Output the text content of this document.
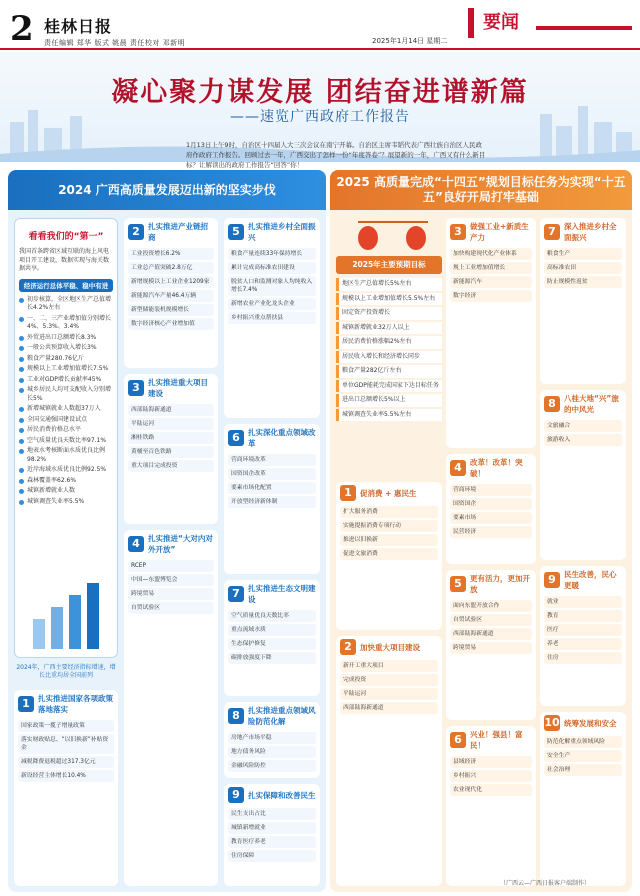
2 桂林日报
责任编辑 郑华 版式 姚晨 责任校对 邓新明	2025年1月14日 星期二
要闻
凝心聚力谋发展 团结奋进谱新篇
——速览广西政府工作报告
1月13日上午9时，自治区十四届人大三次会议在南宁开幕。自治区主席韦韬代表广西壮族自治区人民政府作政府工作报告。回顾过去一年，广西交出了怎样一份“年度答卷”？展望新的一年，广西又有什么新目标？让解读出的政府工作报告“回答”你！
2024 广西高质量发展迈出新的坚实步伐
看看我们的“第一”
我国首条跨省区域互联的海上风电项目开工建设，数据实现与海关数据共享。
经济运行总体平稳、稳中有进
初步核算，全区地区生产总值增长4.2%左右
一、二、三产业增加值分别增长4%、5.3%、3.4%
外贸进出口总额增长8.3%
一般公共预算收入增长3%
粮食产量280.76亿斤
规模以上工业增加值增长7.5%
工业对GDP增长贡献率45%
城乡居民人均可支配收入分别增长5%
新增城镇就业人数超37万人
全国交通强国建设试点
居民消费价格总水平
空气质量优良天数比率97.1%
地表水考核断面水质优良比例98.2%
近岸海域水质优良比例92.5%
森林覆盖率62.6%
城镇新增就业人数
城镇调查失业率5.5%
2024年，广西主要经济指标增速，增长比重均居全国前列
1	扎实推进国家各项政策落地落实
国家政策一揽子增量政策
落实财政贴息、“以旧换新”补贴资金
减税降费退税超过317.3亿元
新设经营主体增长10.4%
2	扎实推进产业链招商
工业投资增长6.2%
工业总产值突破2.8万亿
新增规模以上工业企业1209家
新能源汽车产量46.4万辆
新型储能装机规模增长
数字经济核心产业增加值
3	扎实推进重大项目建设
西部陆海新通道
平陆运河
湘桂铁路
黄桶至百色铁路
重大项目完成投资
4	扎实推进“大对内对外开放”
RCEP
中国—东盟博览会
跨境贸易
自贸试验区
5	扎实推进乡村全面振兴
粮食产量连续33年保持增长
累计完成高标准农田建设
脱贫人口和监测对象人均纯收入增长7.4%
新增农业产业化龙头企业
乡村振兴重点帮扶县
6	扎实深化重点领域改革
营商环境改革
国资国企改革
要素市场化配置
开放型经济新体制
7	扎实推进生态文明建设
空气质量优良天数比率
重点流域水质
生态保护修复
碳排放强度下降
8	扎实推进重点领域风险防范化解
房地产市场平稳
地方债务风险
金融风险防控
9	扎实保障和改善民生
民生支出占比
城镇新增就业
教育医疗养老
住房保障
2025 高质量完成“十四五”规划目标任务为实现“十五五”良好开局打牢基础
2025年主要预期目标
地区生产总值增长5%左右
规模以上工业增加值增长5.5%左右
固定资产投资增长
城镇新增就业32万人以上
居民消费价格涨幅2%左右
居民收入增长和经济增长同步
粮食产量282亿斤左右
单位GDP能耗完成国家下达目标任务
进出口总额增长5%以上
城镇调查失业率5.5%左右
1	促消费 + 惠民生
扩大服务消费
实施提振消费专项行动
推进以旧换新
促进文旅消费
2	加快重大项目建设
新开工重大项目
完成投资
平陆运河
西部陆海新通道
3	做强工业+新质生产力
加快构建现代化产业体系
规上工业增加值增长
新能源汽车
数字经济
4	改革！改革！突破！
营商环境
国资国企
要素市场
民营经济
5	更有活力，更加开放
面向东盟开放合作
自贸试验区
西部陆海新通道
跨境贸易
6	兴业！强县！富民！
县域经济
乡村振兴
农业现代化
7	深入推进乡村全面振兴
粮食生产
高标准农田
防止规模性返贫
8	八桂大地“兴”旅的中风光
文旅融合
旅游收入
9	民生改善，民心更暖
就业
教育
医疗
养老
住房
10 统筹发展和安全
防范化解重点领域风险
安全生产
社会治理
（广西云—广西日报客户端制作）
